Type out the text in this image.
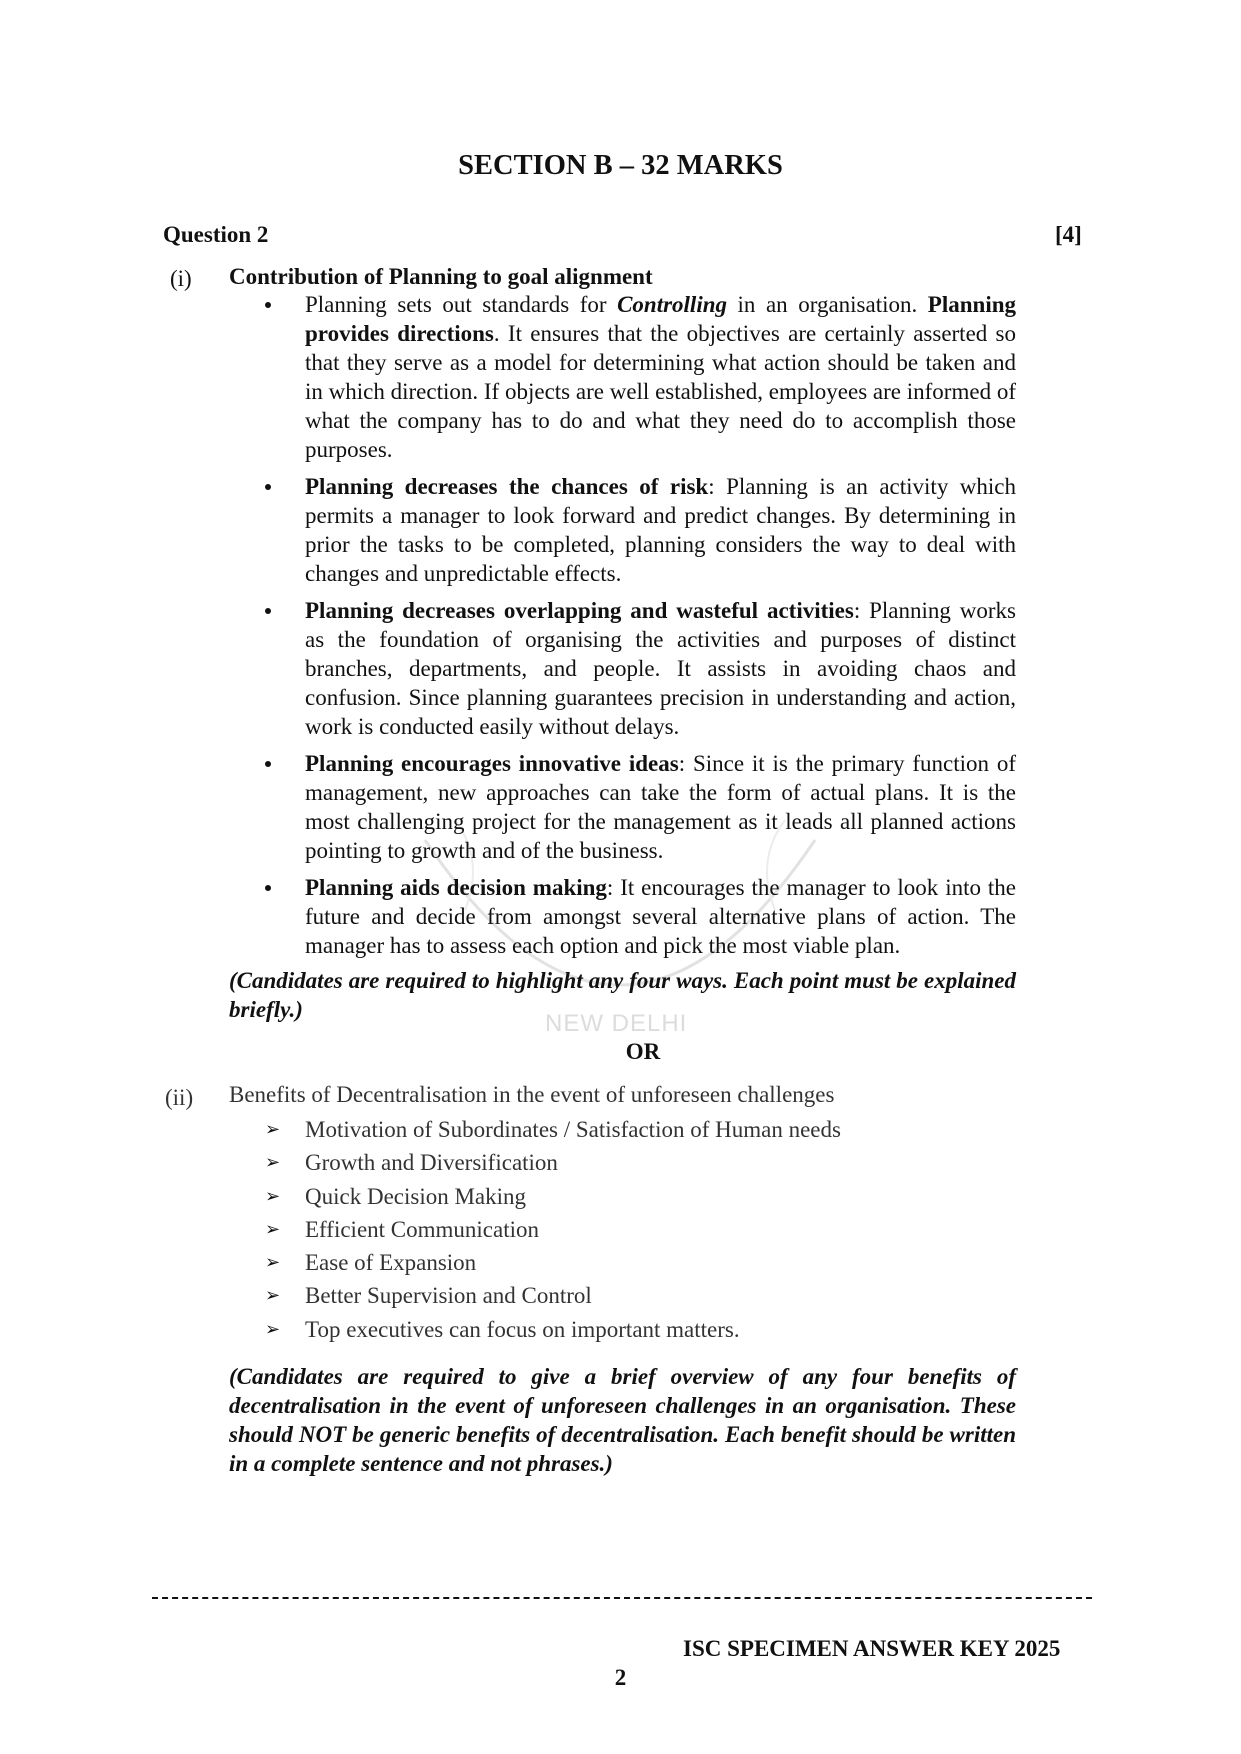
NEW DELHI
SECTION B – 32 MARKS
Question 2	[4]
(i) Contribution of Planning to goal alignment
Planning sets out standards for Controlling in an organisation. Planning provides directions. It ensures that the objectives are certainly asserted so that they serve as a model for determining what action should be taken and in which direction. If objects are well established, employees are informed of what the company has to do and what they need do to accomplish those purposes.
Planning decreases the chances of risk: Planning is an activity which permits a manager to look forward and predict changes. By determining in prior the tasks to be completed, planning considers the way to deal with changes and unpredictable effects.
Planning decreases overlapping and wasteful activities: Planning works as the foundation of organising the activities and purposes of distinct branches, departments, and people. It assists in avoiding chaos and confusion. Since planning guarantees precision in understanding and action, work is conducted easily without delays.
Planning encourages innovative ideas: Since it is the primary function of management, new approaches can take the form of actual plans. It is the most challenging project for the management as it leads all planned actions pointing to growth and of the business.
Planning aids decision making: It encourages the manager to look into the future and decide from amongst several alternative plans of action. The manager has to assess each option and pick the most viable plan.
(Candidates are required to highlight any four ways. Each point must be explained briefly.)
OR
(ii) Benefits of Decentralisation in the event of unforeseen challenges
➢ Motivation of Subordinates / Satisfaction of Human needs
➢ Growth and Diversification
➢ Quick Decision Making
➢ Efficient Communication
➢ Ease of Expansion
➢ Better Supervision and Control
➢ Top executives can focus on important matters.
(Candidates are required to give a brief overview of any four benefits of decentralisation in the event of unforeseen challenges in an organisation. These should NOT be generic benefits of decentralisation. Each benefit should be written in a complete sentence and not phrases.)
ISC SPECIMEN ANSWER KEY 2025
2
